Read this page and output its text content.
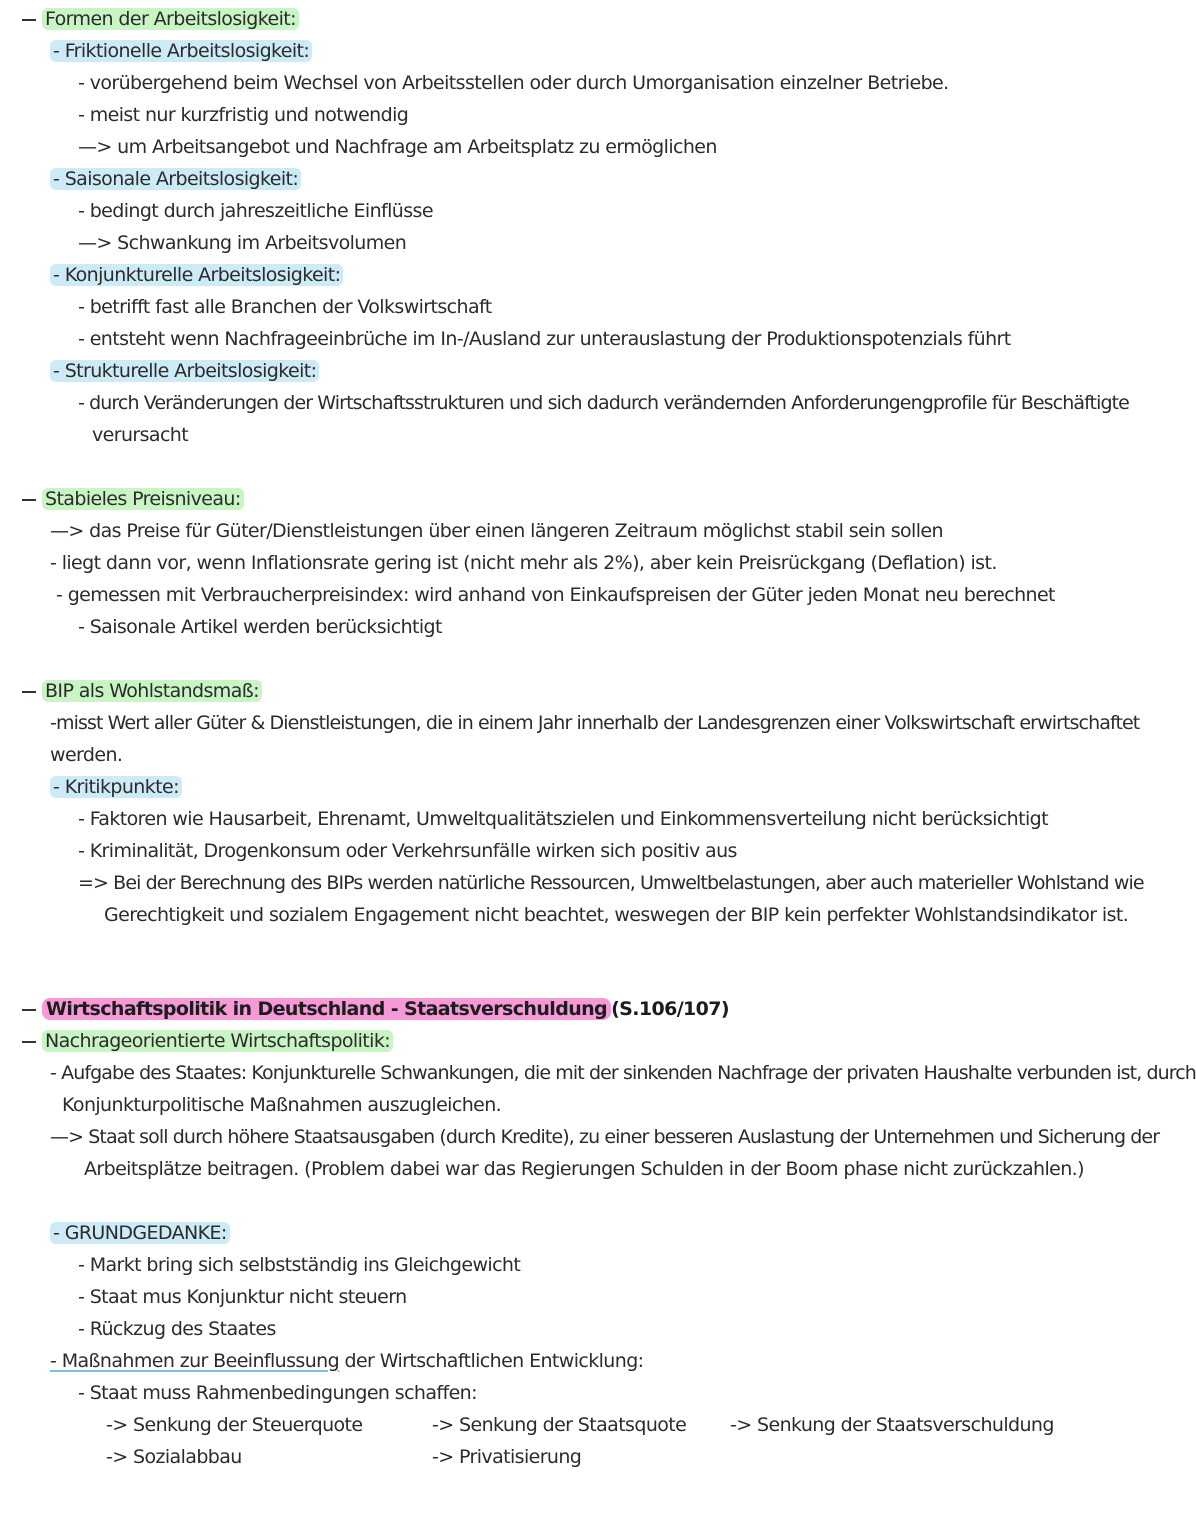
Formen der Arbeitslosigkeit:
- Friktionelle Arbeitslosigkeit:
- vorübergehend beim Wechsel von Arbeitsstellen oder durch Umorganisation einzelner Betriebe.
- meist nur kurzfristig und notwendig
—> um Arbeitsangebot und Nachfrage am Arbeitsplatz zu ermöglichen
- Saisonale Arbeitslosigkeit:
- bedingt durch jahreszeitliche Einflüsse
—> Schwankung im Arbeitsvolumen
- Konjunkturelle Arbeitslosigkeit:
- betrifft fast alle Branchen der Volkswirtschaft
- entsteht wenn Nachfrageeinbrüche im In-/Ausland zur unterauslastung der Produktionspotenzials führt
- Strukturelle Arbeitslosigkeit:
- durch Veränderungen der Wirtschaftsstrukturen und sich dadurch verändernden Anforderungengprofile für Beschäftigte
verursacht
Stabieles Preisniveau:
—> das Preise für Güter/Dienstleistungen über einen längeren Zeitraum möglichst stabil sein sollen
- liegt dann vor, wenn Inflationsrate gering ist (nicht mehr als 2%), aber kein Preisrückgang (Deflation) ist.
- gemessen mit Verbraucherpreisindex: wird anhand von Einkaufspreisen der Güter jeden Monat neu berechnet
- Saisonale Artikel werden berücksichtigt
BIP als Wohlstandsmaß:
-misst Wert aller Güter & Dienstleistungen, die in einem Jahr innerhalb der Landesgrenzen einer Volkswirtschaft erwirtschaftet
werden.
- Kritikpunkte:
- Faktoren wie Hausarbeit, Ehrenamt, Umweltqualitätszielen und Einkommensverteilung nicht berücksichtigt
- Kriminalität, Drogenkonsum oder Verkehrsunfälle wirken sich positiv aus
=> Bei der Berechnung des BIPs werden natürliche Ressourcen, Umweltbelastungen, aber auch materieller Wohlstand wie
Gerechtigkeit und sozialem Engagement nicht beachtet, weswegen der BIP kein perfekter Wohlstandsindikator ist.
Wirtschaftspolitik in Deutschland - Staatsverschuldung (S.106/107)
Nachrageorientierte Wirtschaftspolitik:
- Aufgabe des Staates: Konjunkturelle Schwankungen, die mit der sinkenden Nachfrage der privaten Haushalte verbunden ist, durch
Konjunkturpolitische Maßnahmen auszugleichen.
—> Staat soll durch höhere Staatsausgaben (durch Kredite), zu einer besseren Auslastung der Unternehmen und Sicherung der
Arbeitsplätze beitragen. (Problem dabei war das Regierungen Schulden in der Boom phase nicht zurückzahlen.)
- GRUNDGEDANKE:
- Markt bring sich selbstständig ins Gleichgewicht
- Staat mus Konjunktur nicht steuern
- Rückzug des Staates
- Maßnahmen zur Beeinflussung der Wirtschaftlichen Entwicklung:
- Staat muss Rahmenbedingungen schaffen:
-> Senkung der Steuerquote	-> Senkung der Staatsquote -> Senkung der Staatsverschuldung
-> Sozialabbau	-> Privatisierung
